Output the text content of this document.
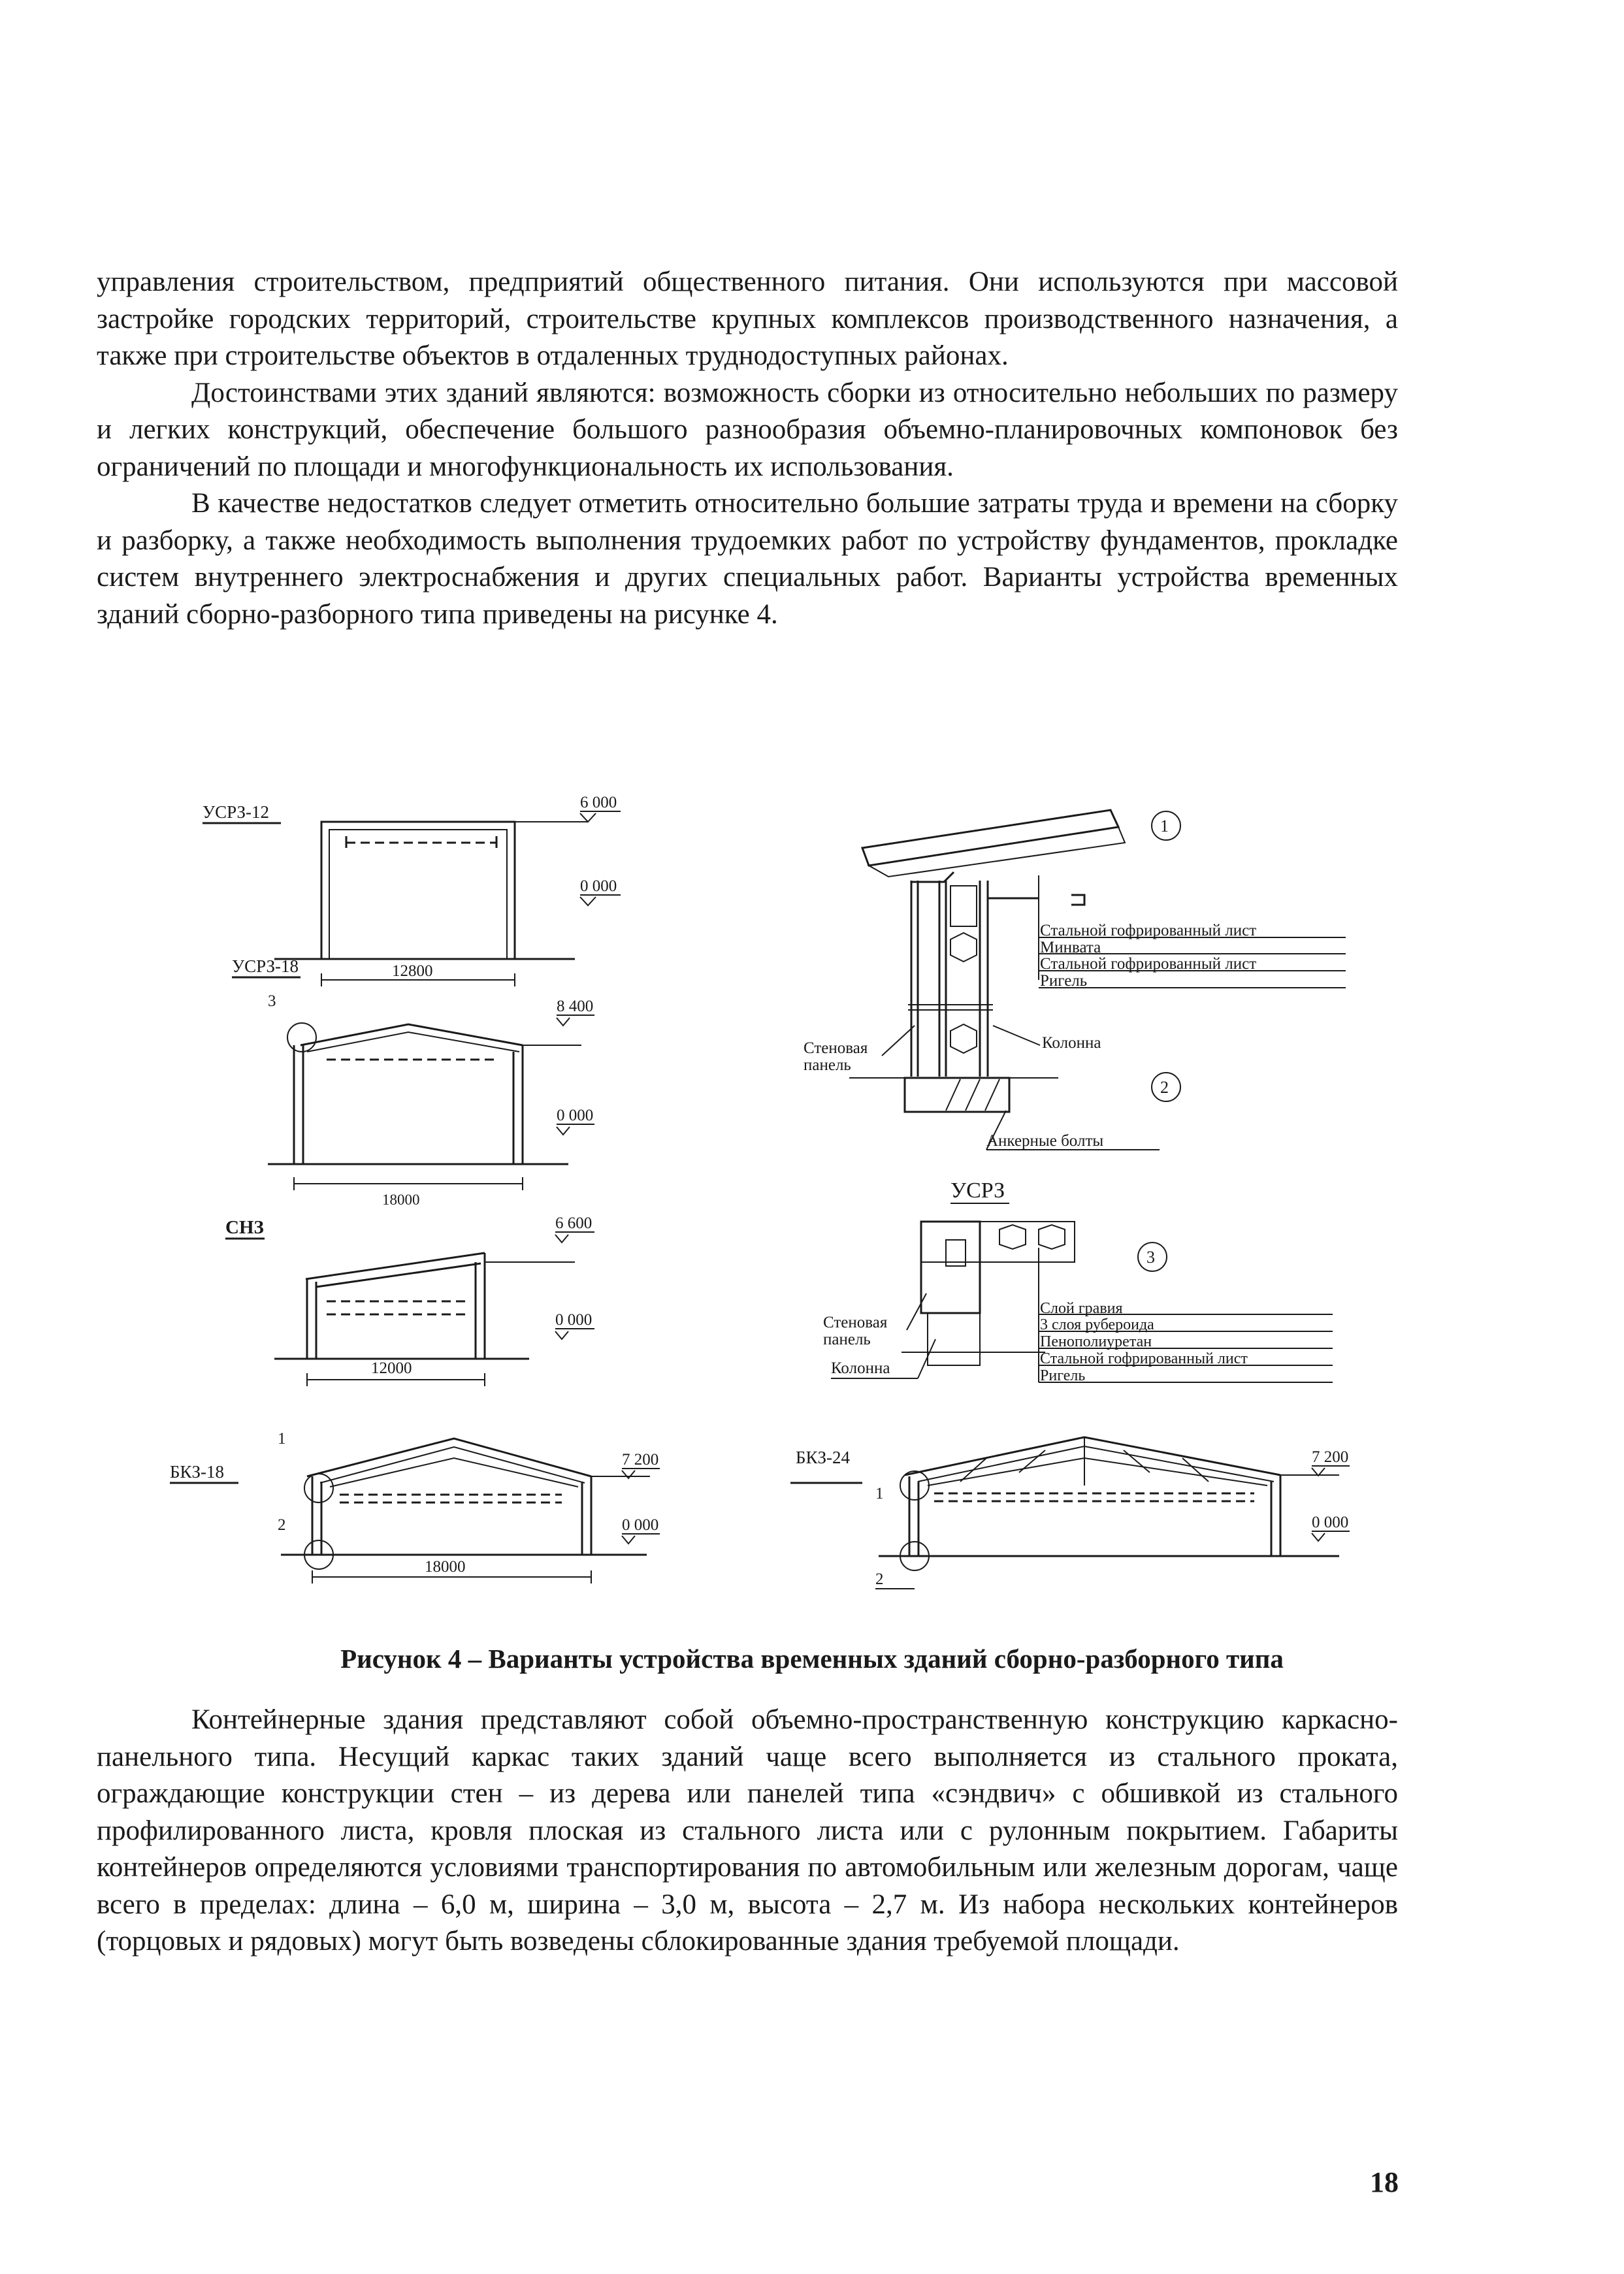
управления строительством, предприятий общественного питания. Они используются при массовой застройке городских территорий, строительстве крупных комплексов производственного назначения, а также при строительстве объектов в отдаленных труднодоступных районах.

Достоинствами этих зданий являются: возможность сборки из относительно небольших по размеру и легких конструкций, обеспечение большого разнообразия объемно-планировочных компоновок без ограничений по площади и многофункциональность их использования.

В качестве недостатков следует отметить относительно большие затраты труда и времени на сборку и разборку, а также необходимость выполнения трудоемких работ по устройству фундаментов, прокладке систем внутреннего электроснабжения и других специальных работ. Варианты устройства временных зданий сборно-разборного типа приведены на рисунке 4.

УСРЗ-12	6 000
0 000
12800
УСРЗ-18
3	8 400
0 000
18000
СНЗ	6 600
0 000
12000
БКЗ-18
1
2
7 200
0 000
18000
1
Стальной гофрированный лист
Минвата
Стальной гофрированный лист
Ригель
Стеновая
панель
Колонна
2
Анкерные болты
УСРЗ
3
Стеновая
панель
Колонна
Слой гравия
3 слоя рубероида
Пенополиуретан
Стальной гофрированный лист
Ригель
БКЗ-24
1
2
7 200
0 000
Рисунок 4 – Варианты устройства временных зданий сборно-разборного типа

Контейнерные здания представляют собой объемно-пространственную конструкцию каркасно-панельного типа. Несущий каркас таких зданий чаще всего выполняется из стального проката, ограждающие конструкции стен – из дерева или панелей типа «сэндвич» с обшивкой из стального профилированного листа, кровля плоская из стального листа или с рулонным покрытием. Габариты контейнеров определяются условиями транспортирования по автомобильным или железным дорогам, чаще всего в пределах: длина – 6,0 м, ширина – 3,0 м, высота – 2,7 м. Из набора нескольких контейнеров (торцовых и рядовых) могут быть возведены сблокированные здания требуемой площади.

18
